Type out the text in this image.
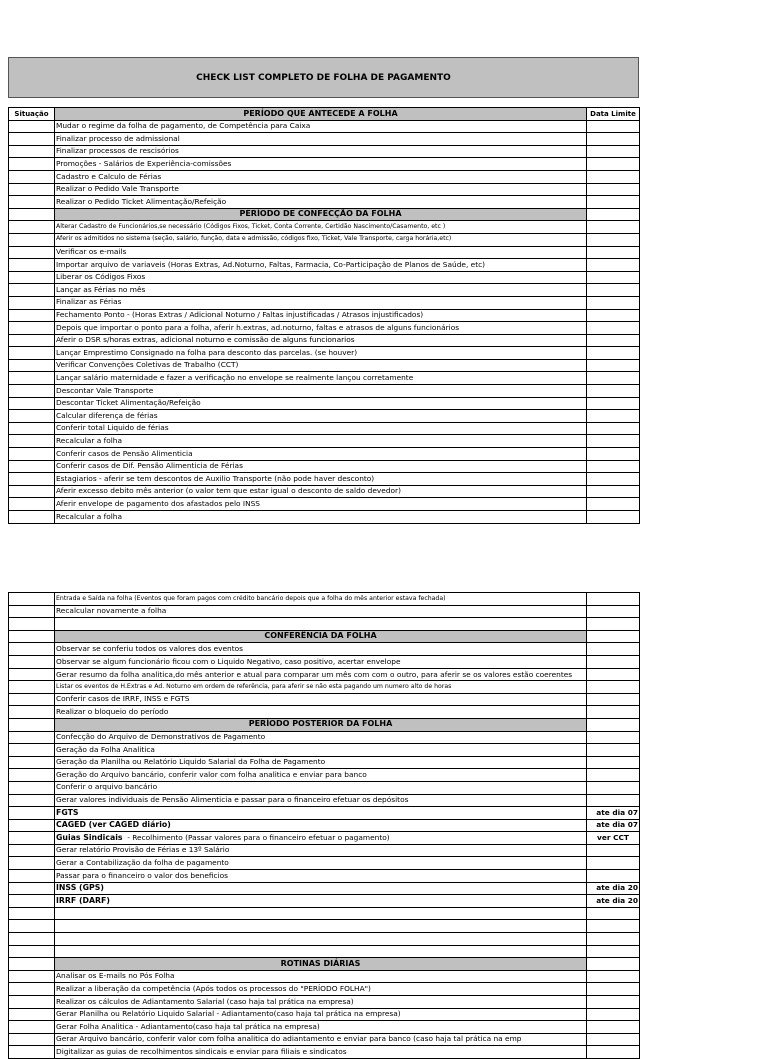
CHECK LIST COMPLETO DE FOLHA DE PAGAMENTO
Situação	PERÍODO QUE ANTECEDE A FOLHA	Data Limite
	Mudar o regime da folha de pagamento, de Competência para Caixa	
	Finalizar processo de admissional	
	Finalizar processos de rescisórios	
	Promoções - Salários de Experiência-comissões	
	Cadastro e Calculo de Férias	
	Realizar o Pedido Vale Transporte	
	Realizar o Pedido Ticket Alimentação/Refeição	
	PERÍODO DE CONFECÇÃO DA FOLHA	
	Alterar Cadastro de Funcionários,se necessário (Códigos Fixos, Ticket, Conta Corrente, Certidão Nascimento/Casamento, etc )	
	Aferir os admitidos no sistema (seção, salário, função, data e admissão, códigos fixo, Ticket, Vale Transporte, carga horária,etc)	
	Verificar os e-mails	
	Importar arquivo de variaveis (Horas Extras, Ad.Noturno, Faltas, Farmacia, Co-Participação de Planos de Saúde, etc)	
	Liberar os Códigos Fixos	
	Lançar as Férias no mês	
	Finalizar as Férias	
	Fechamento Ponto - (Horas Extras / Adicional Noturno / Faltas injustificadas / Atrasos injustificados)	
	Depois que importar o ponto para a folha, aferir h.extras, ad.noturno, faltas e atrasos de alguns funcionários	
	Aferir o DSR s/horas extras, adicional noturno e comissão de alguns funcionarios	
	Lançar Emprestimo Consignado na folha para desconto das parcelas. (se houver)	
	Verificar Convenções Coletivas de Trabalho (CCT)	
	Lançar salário maternidade e fazer a verificação no envelope se realmente lançou corretamente	
	Descontar Vale Transporte	
	Descontar Ticket Alimentação/Refeição	
	Calcular diferença de férias	
	Conferir total Liquido de férias	
	Recalcular a folha	
	Conferir casos de Pensão Alimenticia	
	Conferir casos de Dif. Pensão Alimenticia de Férias	
	Estagiarios - aferir se tem descontos de Auxilio Transporte (não pode haver desconto)	
	Aferir excesso debito mês anterior (o valor tem que estar igual o desconto de saldo devedor)	
	Aferir envelope de pagamento dos afastados pelo INSS	
	Recalcular a folha	
	Entrada e Saída na folha (Eventos que foram pagos com crédito bancário depois que a folha do mês anterior estava fechada)	
	Recalcular novamente a folha	

	CONFERÊNCIA DA FOLHA	
	Observar se conferiu todos os valores dos eventos	
	Observar se algum funcionário ficou com o Liquido Negativo, caso positivo, acertar envelope	
	Gerar resumo da folha analitica,do mês anterior e atual para comparar um mês com com o outro, para aferir se os valores estão coerentes	
	Listar os eventos de H.Extras e Ad. Noturno em ordem de referência, para aferir se não esta pagando um numero alto de horas	
	Conferir casos de IRRF, INSS e FGTS	
	Realizar o bloqueio do período	
	PERÍODO POSTERIOR DA FOLHA	
	Confecção do Arquivo de Demonstrativos de Pagamento	
	Geração da Folha Analitica	
	Geração da Planilha ou Relatório Liquido Salarial da Folha de Pagamento	
	Geração do Arquivo bancário, conferir valor com folha analitica e enviar para banco	
	Conferir o arquivo bancário	
	Gerar valores individuais de Pensão Alimenticia e passar para o financeiro efetuar os depósitos	
	FGTS	ate dia 07
	CAGED (ver CAGED diário)	ate dia 07
	Guias Sindicais  - Recolhimento (Passar valores para o financeiro efetuar o pagamento)	ver CCT
	Gerar relatório Provisão de Férias e 13º Salário	
	Gerar a Contabilização da folha de pagamento	
	Passar para o financeiro o valor dos beneficios	
	INSS (GPS)	ate dia 20
	IRRF (DARF)	ate dia 20

	ROTINAS DIÁRIAS	
	Analisar os E-mails no Pós Folha	
	Realizar a liberação da competência (Após todos os processos do "PERÍODO FOLHA")	
	Realizar os cálculos de Adiantamento Salarial (caso haja tal prática na empresa)	
	Gerar Planilha ou Relatório Liquido Salarial - Adiantamento(caso haja tal prática na empresa)	
	Gerar Folha Analitica - Adiantamento(caso haja tal prática na empresa)	
	Gerar Arquivo bancário, conferir valor com folha analitica do adiantamento e enviar para banco (caso haja tal prática na emp	
	Digitalizar as guias de recolhimentos sindicais e enviar para filiais e sindicatos	
